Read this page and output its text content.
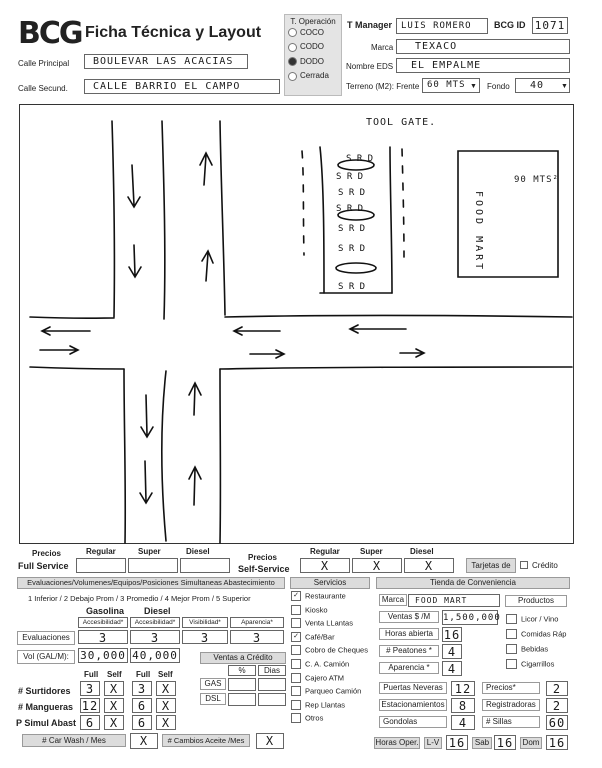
BCG Ficha Técnica y Layout
Calle Principal	BOULEVAR LAS ACACIAS
Calle Secund.	CALLE BARRIO EL CAMPO
T. Operación
COCO
CODO
DODO
Cerrada
T Manager LUIS ROMERO	BCG ID 1071
Marca	TEXACO
Nombre EDS	EL EMPALME
Terreno (M2): Frente 60 MTS ▼ Fondo	40	▼
S R D
S R D
S R D
S R D
S R D
S R D
S R D
TOOL GATE.
FOOD MART
90 MTS²
Precios
Full Service
Regular	Super	Diesel
Precios
Self-Service
Regular	Super	Diesel
X	X	X	Tarjetas de	Crédito
Evaluaciones/Volumenes/Equipos/Posiciones Simultaneas Abastecimiento	Servicios	Tienda de Conveniencia
1 Inferior / 2 Debajo Prom / 3 Promedio / 4 Mejor Prom / 5 Superior
Gasolina Diesel
Accesibilidad*	Accesibilidad*	Visibilidad*	Aparencia*
Evaluaciones	3	3	3	3
Vol (GAL/M):	30,000 40,000	Ventas a Crédito
%	Dias
GAS
DSL
Full Self Full Self
# Surtidores	3	X	3	X
# Mangueras 12 X	6	X
P Simul Abast 6	X	6	X
# Car Wash / Mes	X	# Cambios Aceite /Mes	X
✓ Restaurante
Kiosko
Venta LLantas
✓ Café/Bar
Cobro de Cheques
C. A. Camión
Cajero ATM
Parqueo Camión
Rep Llantas
Otros
Marca	FOOD MART	Productos
Ventas $ /M	1,500,000
Horas abierta 16
# Peatones *	4
Aparencia *	4
Licor / Vino
Comidas Ráp
Bebidas
Cigarrillos
Puertas Neveras 12	Precios*	2
Estacionamientos	8	Registradoras	2
Gondolas	4	# Sillas	60
Horas Oper.	L-V 16	Sab 16	Dom 16
